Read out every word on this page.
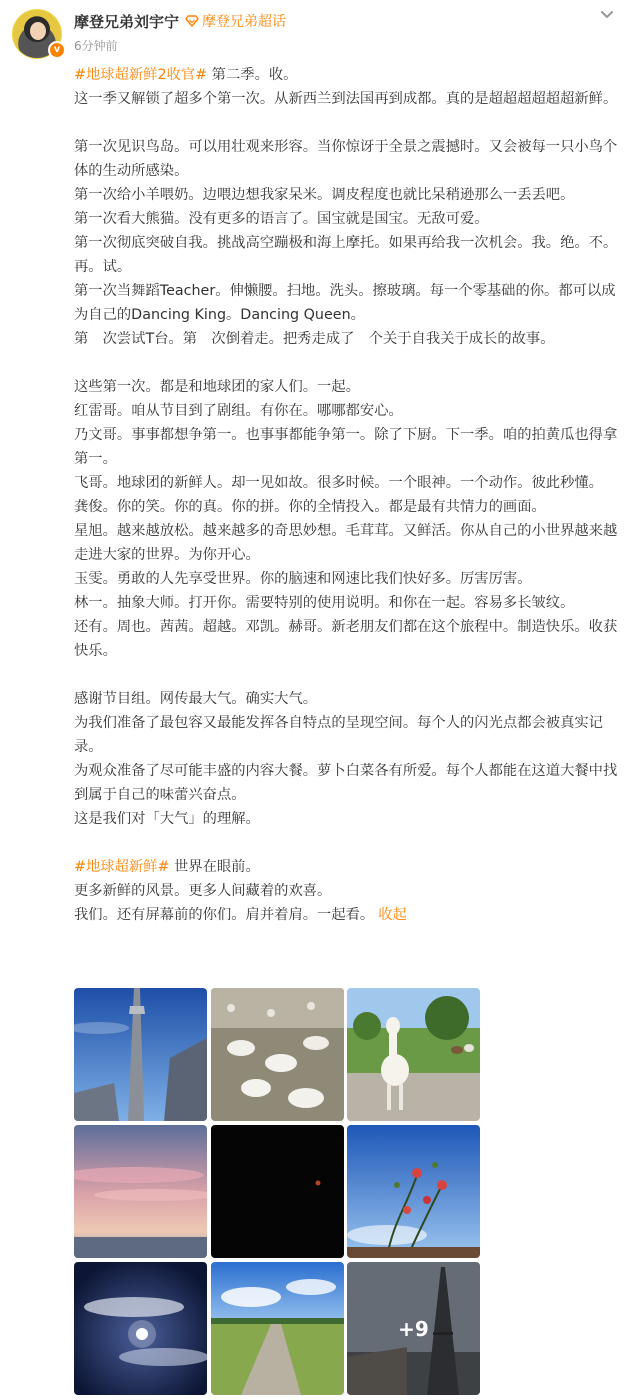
v
摩登兄弟刘宇宁 摩登兄弟超话
6分钟前

#地球超新鲜2收官# 第二季。收。

这一季又解锁了超多个第一次。从新西兰到法国再到成都。真的是超超超超超超新鲜。

第一次见识鸟岛。可以用壮观来形容。当你惊讶于全景之震撼时。又会被每一只小鸟个体的生动所感染。

第一次给小羊喂奶。边喂边想我家呆米。调皮程度也就比呆稍逊那么一丢丢吧。

第一次看大熊猫。没有更多的语言了。国宝就是国宝。无敌可爱。

第一次彻底突破自我。挑战高空蹦极和海上摩托。如果再给我一次机会。我。绝。不。再。试。

第一次当舞蹈Teacher。伸懒腰。扫地。洗头。擦玻璃。每一个零基础的你。都可以成为自己的Dancing King。Dancing Queen。

第　次尝试T台。第　次倒着走。把秀走成了　个关于自我关于成长的故事。

这些第一次。都是和地球团的家人们。一起。

红雷哥。咱从节目到了剧组。有你在。哪哪都安心。

乃文哥。事事都想争第一。也事事都能争第一。除了下厨。下一季。咱的拍黄瓜也得拿第一。

飞哥。地球团的新鲜人。却一见如故。很多时候。一个眼神。一个动作。彼此秒懂。

龚俊。你的笑。你的真。你的拼。你的全情投入。都是最有共情力的画面。

星旭。越来越放松。越来越多的奇思妙想。毛茸茸。又鲜活。你从自己的小世界越来越走进大家的世界。为你开心。

玉雯。勇敢的人先享受世界。你的脑速和网速比我们快好多。厉害厉害。

林一。抽象大师。打开你。需要特别的使用说明。和你在一起。容易多长皱纹。

还有。周也。茜茜。超越。邓凯。赫哥。新老朋友们都在这个旅程中。制造快乐。收获快乐。

感谢节目组。网传最大气。确实大气。

为我们准备了最包容又最能发挥各自特点的呈现空间。每个人的闪光点都会被真实记录。

为观众准备了尽可能丰盛的内容大餐。萝卜白菜各有所爱。每个人都能在这道大餐中找到属于自己的味蕾兴奋点。

这是我们对「大气」的理解。

#地球超新鲜# 世界在眼前。

更多新鲜的风景。更多人间藏着的欢喜。

我们。还有屏幕前的你们。肩并着肩。一起看。 收起

+9
